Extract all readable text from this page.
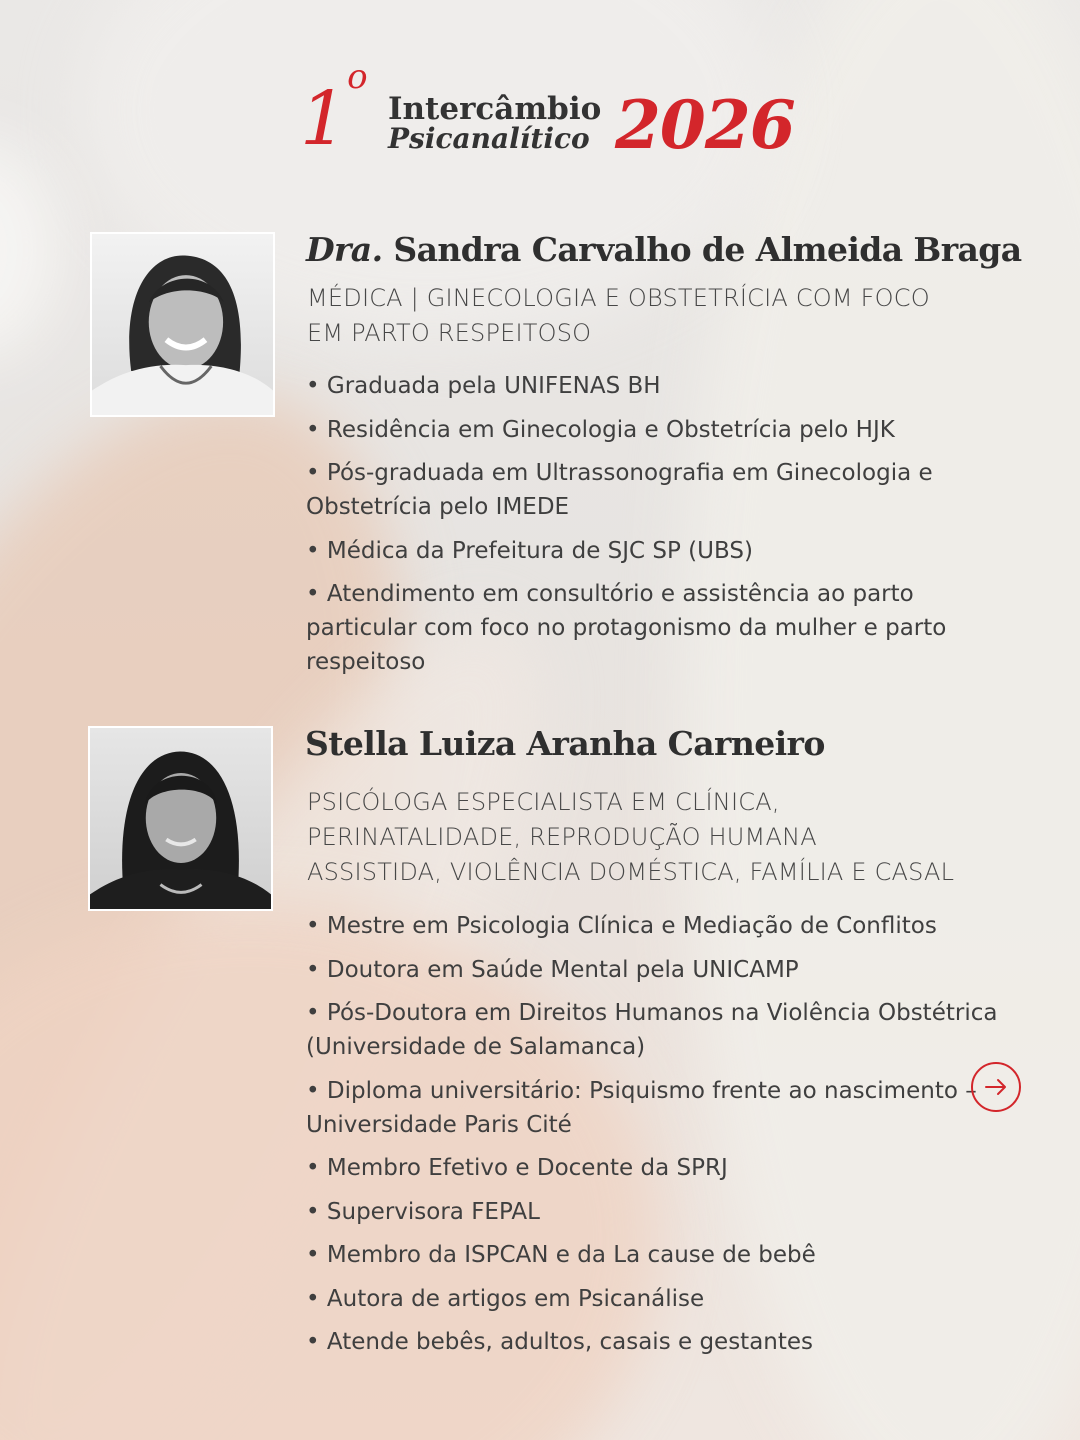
1$^o$
Intercâmbio
Psicanalítico 2026
Dra. Sandra Carvalho de Almeida Braga
MÉDICA | GINECOLOGIA E OBSTETRÍCIA COM FOCO
EM PARTO RESPEITOSO
• Graduada pela UNIFENAS BH
• Residência em Ginecologia e Obstetrícia pelo HJK
• Pós-graduada em Ultrassonografia em Ginecologia e Obstetrícia pelo IMEDE
• Médica da Prefeitura de SJC SP (UBS)
• Atendimento em consultório e assistência ao parto particular com foco no protagonismo da mulher e parto respeitoso
Stella Luiza Aranha Carneiro
PSICÓLOGA ESPECIALISTA EM CLÍNICA,
PERINATALIDADE, REPRODUÇÃO HUMANA
ASSISTIDA, VIOLÊNCIA DOMÉSTICA, FAMÍLIA E CASAL
• Mestre em Psicologia Clínica e Mediação de Conflitos
• Doutora em Saúde Mental pela UNICAMP
• Pós-Doutora em Direitos Humanos na Violência Obstétrica (Universidade de Salamanca)
• Diploma universitário: Psiquismo frente ao nascimento – Universidade Paris Cité
• Membro Efetivo e Docente da SPRJ
• Supervisora FEPAL
• Membro da ISPCAN e da La cause de bebê
• Autora de artigos em Psicanálise
• Atende bebês, adultos, casais e gestantes
